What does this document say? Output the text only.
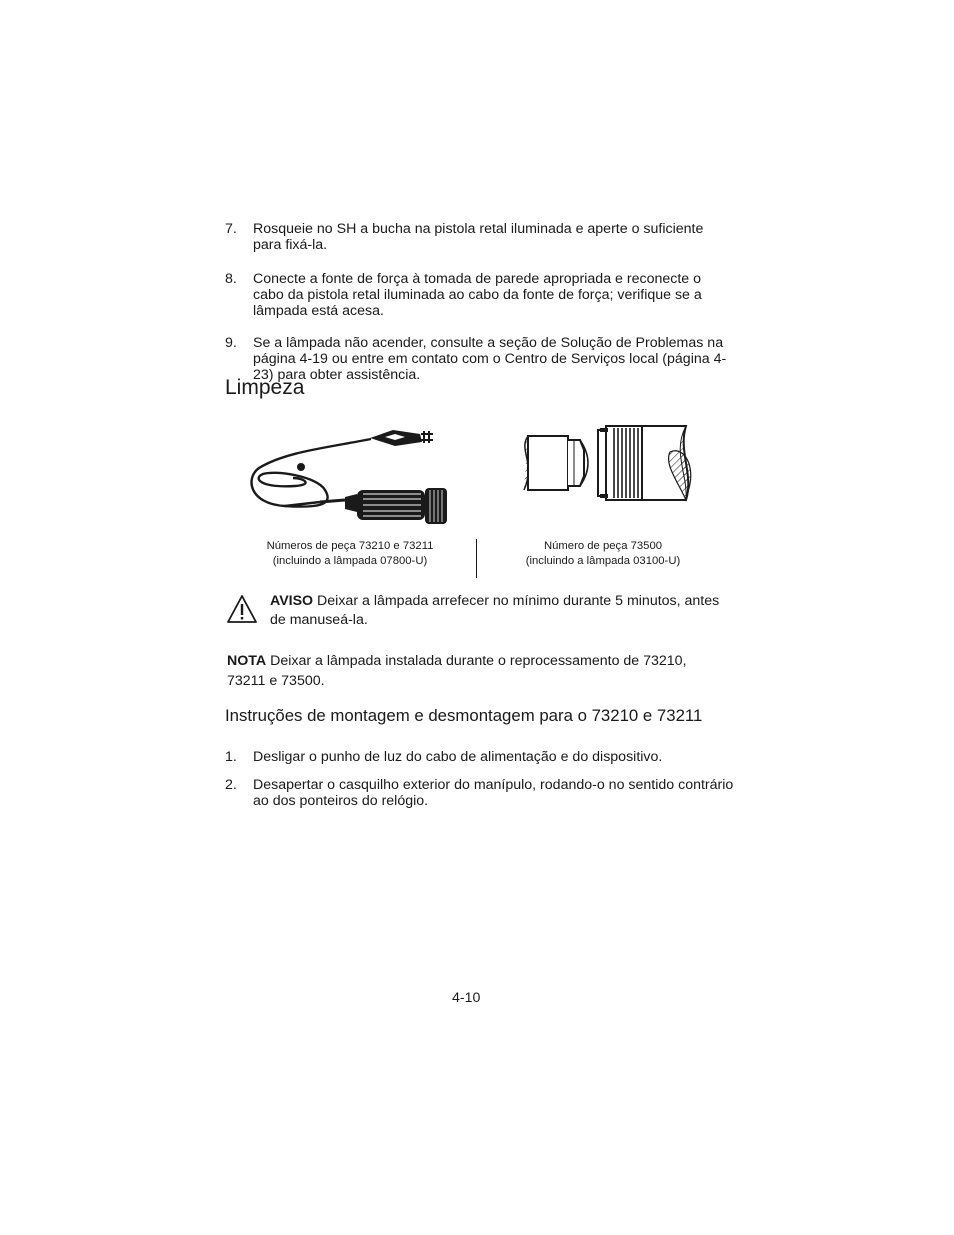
7. Rosqueie no SH a bucha na pistola retal iluminada e aperte o suficiente para fixá-la.
8. Conecte a fonte de força à tomada de parede apropriada e reconecte o cabo da pistola retal iluminada ao cabo da fonte de força; verifique se a lâmpada está acesa.
9. Se a lâmpada não acender, consulte a seção de Solução de Problemas na página 4-19 ou entre em contato com o Centro de Serviços local (página 4-23) para obter assistência.
Limpeza
Números de peça 73210 e 73211
(incluindo a lâmpada 07800-U)
Número de peça 73500
(incluindo a lâmpada 03100-U)
AVISO Deixar a lâmpada arrefecer no mínimo durante 5 minutos, antes de manuseá-la.
NOTA Deixar a lâmpada instalada durante o reprocessamento de 73210, 73211 e 73500.
Instruções de montagem e desmontagem para o 73210 e 73211
1. Desligar o punho de luz do cabo de alimentação e do dispositivo.
2. Desapertar o casquilho exterior do manípulo, rodando-o no sentido contrário ao dos ponteiros do relógio.
4-10
